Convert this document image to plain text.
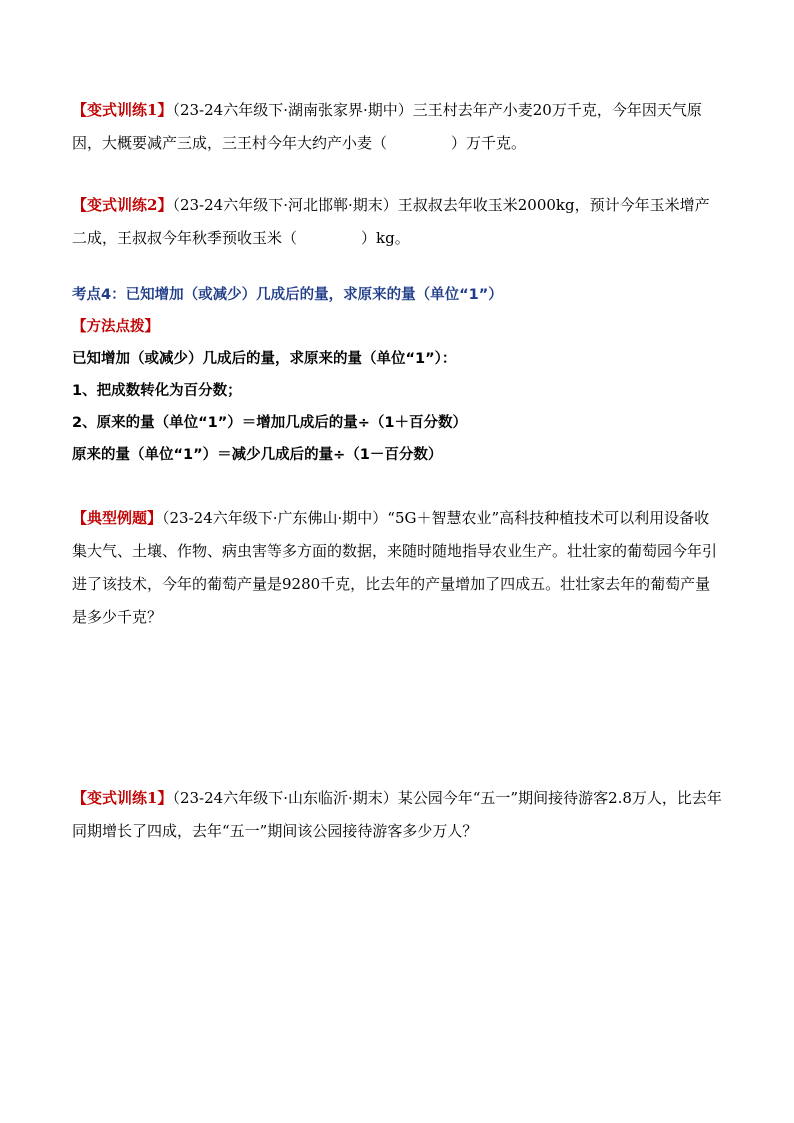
【变式训练1】（23-24六年级下·湖南张家界·期中）三王村去年产小麦20万千克，今年因天气原因，大概要减产三成，三王村今年大约产小麦（	）万千克。

【变式训练2】（23-24六年级下·河北邯郸·期末）王叔叔去年收玉米2000kg，预计今年玉米增产二成，王叔叔今年秋季预收玉米（	）kg。

考点4：已知增加（或减少）几成后的量，求原来的量（单位“1”）

【方法点拨】
已知增加（或减少）几成后的量，求原来的量（单位“1”）：
1、把成数转化为百分数；
2、原来的量（单位“1”）＝增加几成后的量÷（1＋百分数）
原来的量（单位“1”）＝减少几成后的量÷（1－百分数）

【典型例题】（23-24六年级下·广东佛山·期中）“5G＋智慧农业”高科技种植技术可以利用设备收集大气、土壤、作物、病虫害等多方面的数据，来随时随地指导农业生产。壮壮家的葡萄园今年引进了该技术，今年的葡萄产量是9280千克，比去年的产量增加了四成五。壮壮家去年的葡萄产量是多少千克？

【变式训练1】（23-24六年级下·山东临沂·期末）某公园今年“五一”期间接待游客2.8万人，比去年同期增长了四成，去年“五一”期间该公园接待游客多少万人？
